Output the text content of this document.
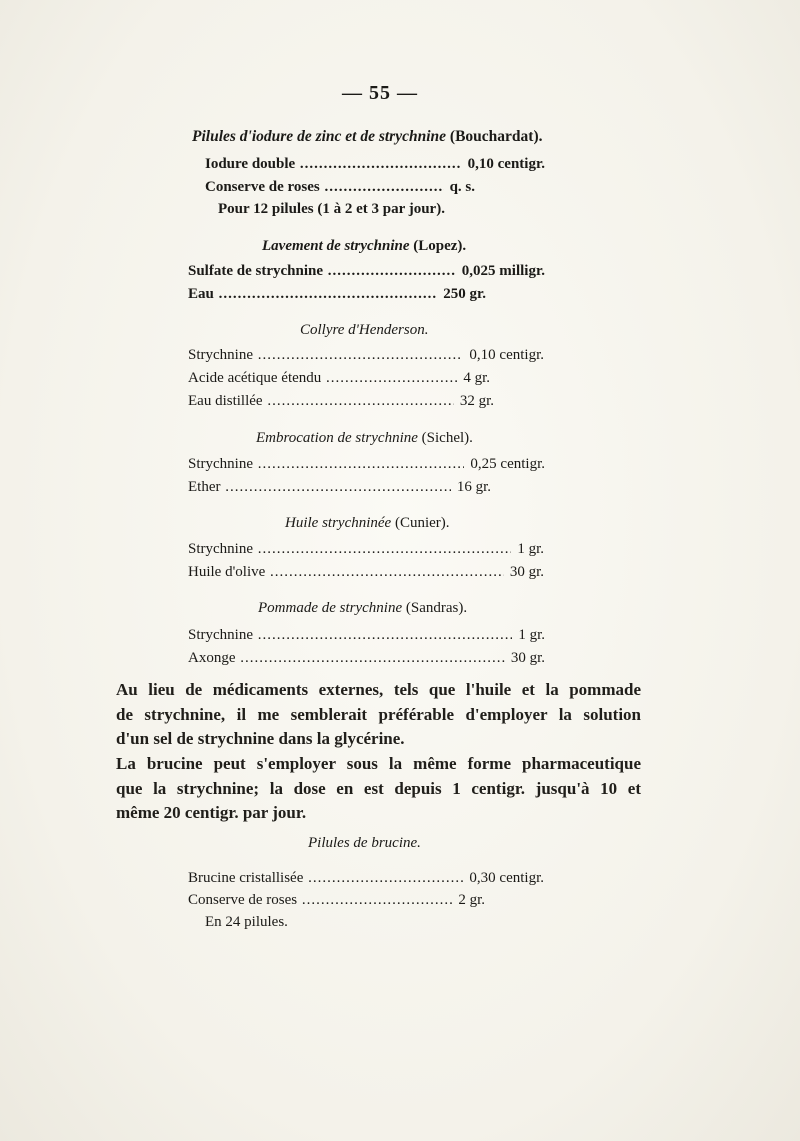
— 55 —
Pilules d'iodure de zinc et de strychnine (Bouchardat).
Iodure double .....	0,10 centigr.
Conserve de roses .....	q. s.
Pour 12 pilules (1 à 2 et 3 par jour).
Lavement de strychnine (Lopez).
Sulfate de strychnine .....	0,025 milligr.
Eau .....	250 gr.
Collyre d'Henderson.
Strychnine .....	0,10 centigr.
Acide acétique étendu .....	4 gr.
Eau distillée .....	32 gr.
Embrocation de strychnine (Sichel).
Strychnine .....	0,25 centigr.
Ether .....	16 gr.
Huile strychninée (Cunier).
Strychnine .....	1 gr.
Huile d'olive .....	30 gr.
Pommade de strychnine (Sandras).
Strychnine .....	1 gr.
Axonge .....	30 gr.
Au lieu de médicaments externes, tels que l'huile et la pommade
de strychnine, il me semblerait préférable d'employer la solution
d'un sel de strychnine dans la glycérine.
La brucine peut s'employer sous la même forme pharmaceutique
que la strychnine; la dose en est depuis 1 centigr. jusqu'à 10 et
même 20 centigr. par jour.
Pilules de brucine.
Brucine cristallisée .....	0,30 centigr.
Conserve de roses .....	2 gr.
En 24 pilules.
